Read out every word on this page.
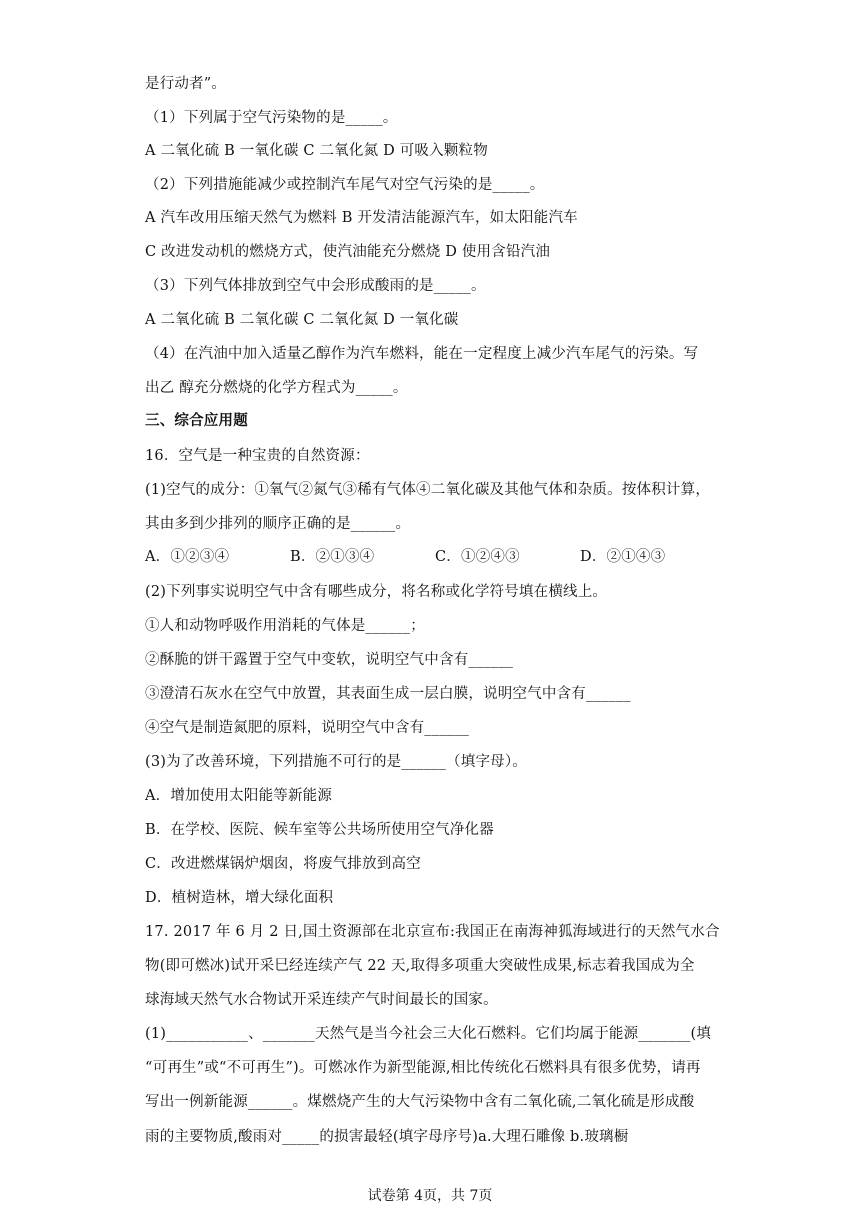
是行动者”。

（1）下列属于空气污染物的是_____。

A 二氧化硫 B 一氧化碳 C 二氧化氮 D 可吸入颗粒物

（2）下列措施能减少或控制汽车尾气对空气污染的是_____。

A 汽车改用压缩天然气为燃料 B 开发清洁能源汽车，如太阳能汽车

C 改进发动机的燃烧方式，使汽油能充分燃烧 D 使用含铅汽油

（3）下列气体排放到空气中会形成酸雨的是_____。

A 二氧化硫 B 二氧化碳 C 二氧化氮 D 一氧化碳

（4）在汽油中加入适量乙醇作为汽车燃料，能在一定程度上减少汽车尾气的污染。写

出乙 醇充分燃烧的化学方程式为_____。

三、综合应用题

16．空气是一种宝贵的自然资源：

(1)空气的成分：①氧气②氮气③稀有气体④二氧化碳及其他气体和杂质。按体积计算，

其由多到少排列的顺序正确的是______。

A．①②③④	B．②①③④	C．①②④③	D．②①④③

(2)下列事实说明空气中含有哪些成分，将名称或化学符号填在横线上。

①人和动物呼吸作用消耗的气体是______；

②酥脆的饼干露置于空气中变软，说明空气中含有______

③澄清石灰水在空气中放置，其表面生成一层白膜，说明空气中含有______

④空气是制造氮肥的原料，说明空气中含有______

(3)为了改善环境，下列措施不可行的是______（填字母）。

A．增加使用太阳能等新能源

B．在学校、医院、候车室等公共场所使用空气净化器

C．改进燃煤锅炉烟囱，将废气排放到高空

D．植树造林，增大绿化面积

17. 2017 年 6 月 2 日,国土资源部在北京宣布:我国正在南海神狐海域进行的天然气水合

物(即可燃冰)试开采巳经连续产气 22 天,取得多项重大突破性成果,标志着我国成为全

球海域天然气水合物试开采连续产气时间最长的国家。

(1)___________、_______天然气是当今社会三大化石燃料。它们均属于能源_______(填

“可再生”或“不可再生”)。可燃冰作为新型能源,相比传统化石燃料具有很多优势，请再

写出一例新能源______。煤燃烧产生的大气污染物中含有二氧化硫,二氧化硫是形成酸

雨的主要物质,酸雨对_____的损害最轻(填字母序号)a.大理石雕像 b.玻璃橱

试卷第 4页，共 7页
